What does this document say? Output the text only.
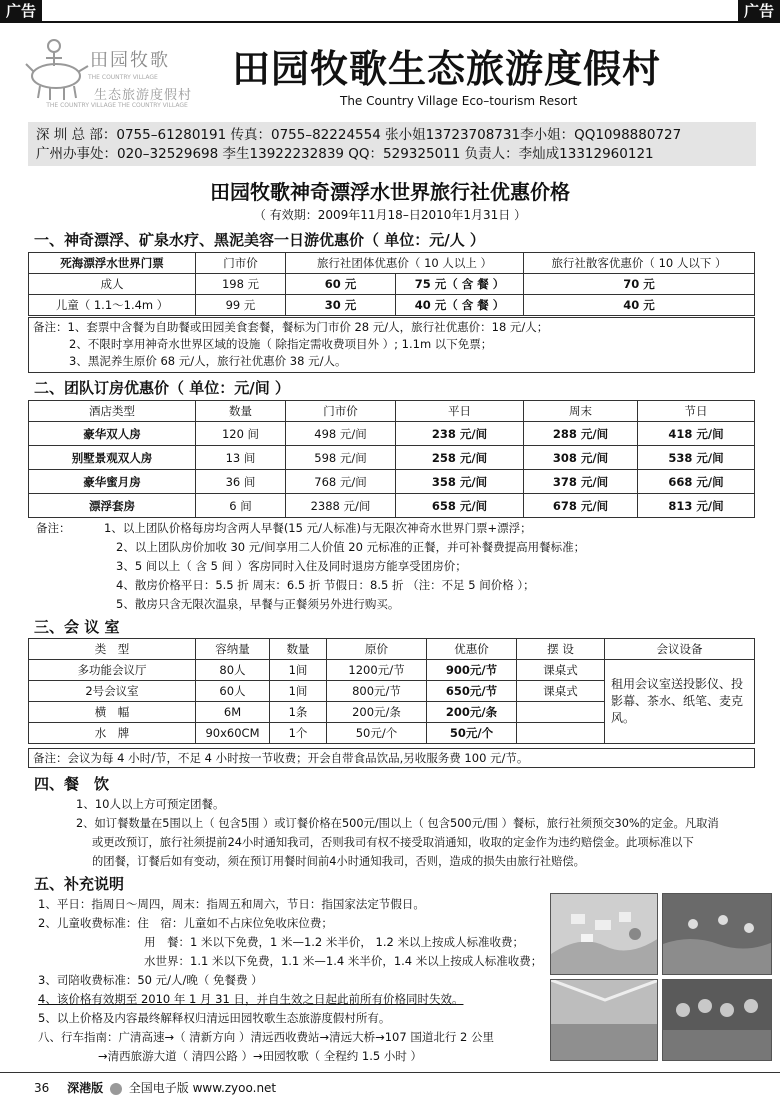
广告	广告
田园牧歌
THE COUNTRY VILLAGE
生态旅游度假村
THE COUNTRY VILLAGE THE COUNTRY VILLAGE
田园牧歌生态旅游度假村
The Country Village Eco–tourism Resort
深 圳 总 部：0755–61280191 传真：0755–82224554 张小姐13723708731李小姐：QQ1098880727
广州办事处：020–32529698 李生13922232839 QQ：529325011 负责人：李灿成13312960121
田园牧歌神奇漂浮水世界旅行社优惠价格
（ 有效期：2009年11月18–日2010年1月31日 ）
一、神奇漂浮、矿泉水疗、黑泥美容一日游优惠价（ 单位：元/人 ）
死海漂浮水世界门票	门市价	旅行社团体优惠价（ 10 人以上 ）		旅行社散客优惠价（ 10 人以下 ）
成人	198 元	60 元	75 元（ 含 餐 ）	70 元
儿童（ 1.1～1.4m ）	99 元	30 元	40 元（ 含 餐 ）	40 元
备注：1、套票中含餐为自助餐或田园美食套餐，餐标为门市价 28 元/人，旅行社优惠价：18 元/人；
2、不限时享用神奇水世界区域的设施（ 除指定需收费项目外 ）; 1.1m 以下免票；
3、黑泥养生原价 68 元/人，旅行社优惠价 38 元/人。
二、团队订房优惠价（ 单位：元/间 ）
酒店类型	数量	门市价	平日	周末	节日
豪华双人房	120 间	498 元/间	238 元/间	288 元/间	418 元/间
别墅景观双人房	13 间	598 元/间	258 元/间	308 元/间	538 元/间
豪华蜜月房	36 间	768 元/间	358 元/间	378 元/间	668 元/间
漂浮套房	6 间	2388 元/间	658 元/间	678 元/间	813 元/间
备注：	1、以上团队价格每房均含两人早餐(15 元/人标准)与无限次神奇水世界门票+漂浮；
2、以上团队房价加收 30 元/间享用二人价值 20 元标准的正餐，并可补餐费提高用餐标准；
3、5 间以上（ 含 5 间 ）客房同时入住及同时退房方能享受团房价；
4、散房价格平日：5.5 折 周末：6.5 折 节假日：8.5 折 （注：不足 5 间价格 ）；
5、散房只含无限次温泉，早餐与正餐须另外进行购买。
三、会 议 室
类　型	容纳量	数量	原价	优惠价	摆 设	会议设备
多功能会议厅	80人	1间	1200元/节	900元/节	课桌式	租用会议室送投影仪、投影幕、茶水、纸笔、麦克风。
2号会议室	60人	1间	800元/节	650元/节	课桌式	
横　幅	6M	1条	200元/条	200元/条		
水　牌	90x60CM	1个	50元/个	50元/个		
备注：会议为每 4 小时/节，不足 4 小时按一节收费；开会自带食品饮品,另收服务费 100 元/节。
四、餐　饮
1、10人以上方可预定团餐。
2、如订餐数量在5围以上（ 包含5围 ）或订餐价格在500元/围以上（ 包含500元/围 ）餐标，旅行社须预交30%的定金。凡取消
或更改预订，旅行社须提前24小时通知我司，否则我司有权不接受取消通知，收取的定金作为违约赔偿金。此项标准以下
的团餐，订餐后如有变动，须在预订用餐时间前4小时通知我司，否则，造成的损失由旅行社赔偿。
五、补充说明
1、平日：指周日～周四，周末：指周五和周六，节日：指国家法定节假日。
2、儿童收费标准：住　宿：儿童如不占床位免收床位费；
用　餐：1 米以下免费，1 米—1.2 米半价， 1.2 米以上按成人标准收费；
水世界：1.1 米以下免费，1.1 米—1.4 米半价，1.4 米以上按成人标准收费；
3、司陪收费标准：50 元/人/晚（ 免餐费 ）
4、该价格有效期至 2010 年 1 月 31 日，并自生效之日起此前所有价格同时失效。
5、以上价格及内容最终解释权归清远田园牧歌生态旅游度假村所有。
八、行车指南：广清高速→（ 清新方向 ）清远西收费站→清远大桥→107 国道北行 2 公里
→清西旅游大道（ 清四公路 ）→田园牧歌（ 全程约 1.5 小时 ）
36 深港版 全国电子版 www.zyoo.net
